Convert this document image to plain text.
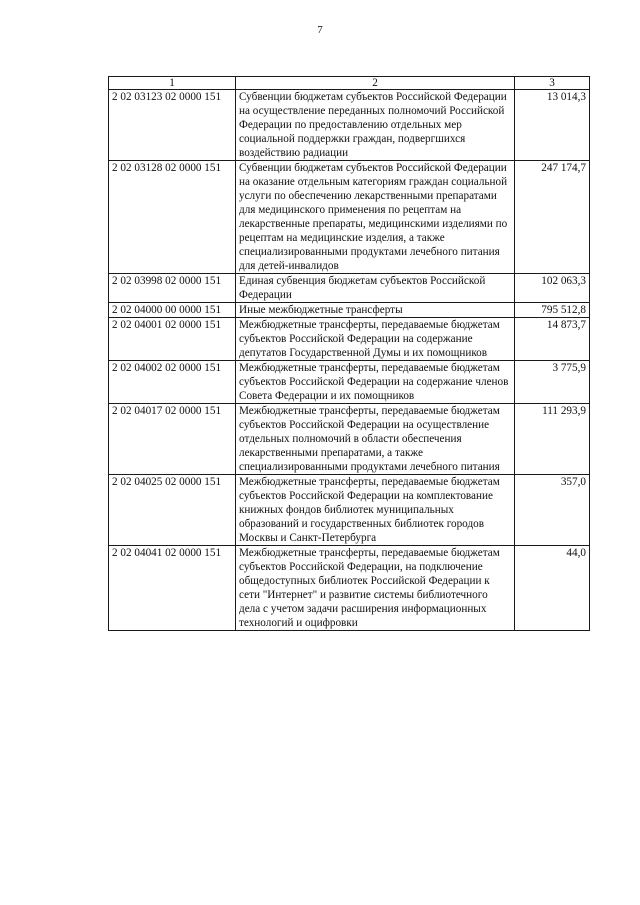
7
1	2	3
2 02 03123 02 0000 151	Субвенции бюджетам субъектов Российской Федерации на осуществление переданных полномочий Российской Федерации по предоставлению отдельных мер социальной поддержки граждан, подвергшихся воздействию радиации	13 014,3
2 02 03128 02 0000 151	Субвенции бюджетам субъектов Российской Федерации на оказание отдельным категориям граждан социальной услуги по обеспечению лекарственными препаратами для медицинского применения по рецептам на лекарственные препараты, медицинскими изделиями по рецептам на медицинские изделия, а также специализированными продуктами лечебного питания для детей-инвалидов	247 174,7
2 02 03998 02 0000 151	Единая субвенция бюджетам субъектов Российской Федерации	102 063,3
2 02 04000 00 0000 151	Иные межбюджетные трансферты	795 512,8
2 02 04001 02 0000 151	Межбюджетные трансферты, передаваемые бюджетам субъектов Российской Федерации на содержание депутатов Государственной Думы и их помощников	14 873,7
2 02 04002 02 0000 151	Межбюджетные трансферты, передаваемые бюджетам субъектов Российской Федерации на содержание членов Совета Федерации и их помощников	3 775,9
2 02 04017 02 0000 151	Межбюджетные трансферты, передаваемые бюджетам субъектов Российской Федерации на осуществление отдельных полномочий в области обеспечения лекарственными препаратами, а также специализированными продуктами лечебного питания	111 293,9
2 02 04025 02 0000 151	Межбюджетные трансферты, передаваемые бюджетам субъектов Российской Федерации на комплектование книжных фондов библиотек муниципальных образований и государственных библиотек городов Москвы и Санкт-Петербурга	357,0
2 02 04041 02 0000 151	Межбюджетные трансферты, передаваемые бюджетам субъектов Российской Федерации, на подключение общедоступных библиотек Российской Федерации к сети "Интернет" и развитие системы библиотечного дела с учетом задачи расширения информационных технологий и оцифровки	44,0
